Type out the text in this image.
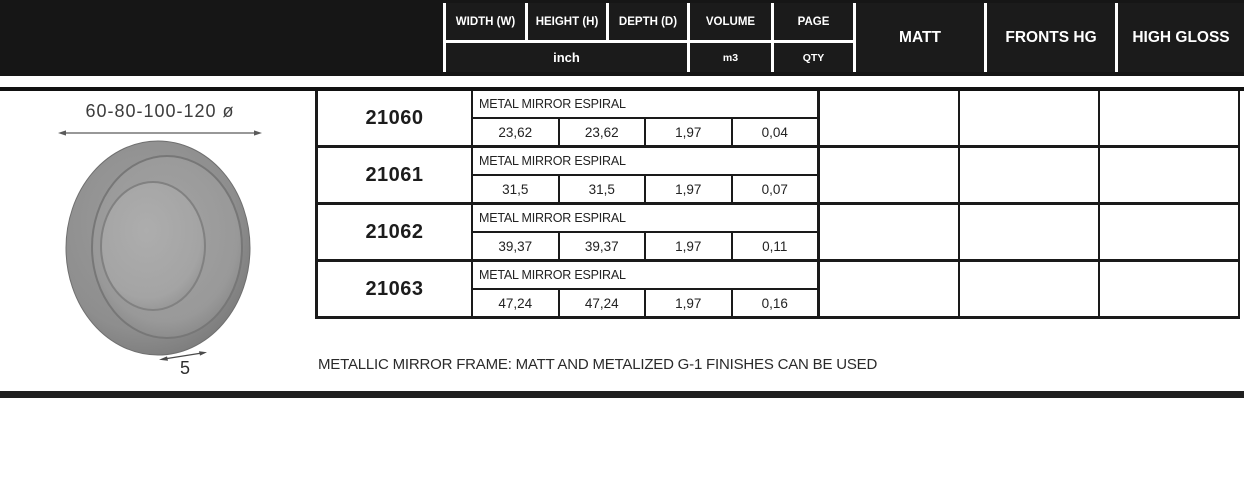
WIDTH (W)	HEIGHT (H)	DEPTH (D)	VOLUME	PAGE
inch	m3	QTY
MATT	FRONTS HG	HIGH GLOSS
60-80-100-120 ø
5
21060
METAL MIRROR ESPIRAL
23,62	23,62	1,97	0,04
21061
METAL MIRROR ESPIRAL
31,5	31,5	1,97	0,07
21062
METAL MIRROR ESPIRAL
39,37	39,37	1,97	0,11
21063
METAL MIRROR ESPIRAL
47,24	47,24	1,97	0,16
METALLIC MIRROR FRAME: MATT AND METALIZED G-1 FINISHES CAN BE USED
